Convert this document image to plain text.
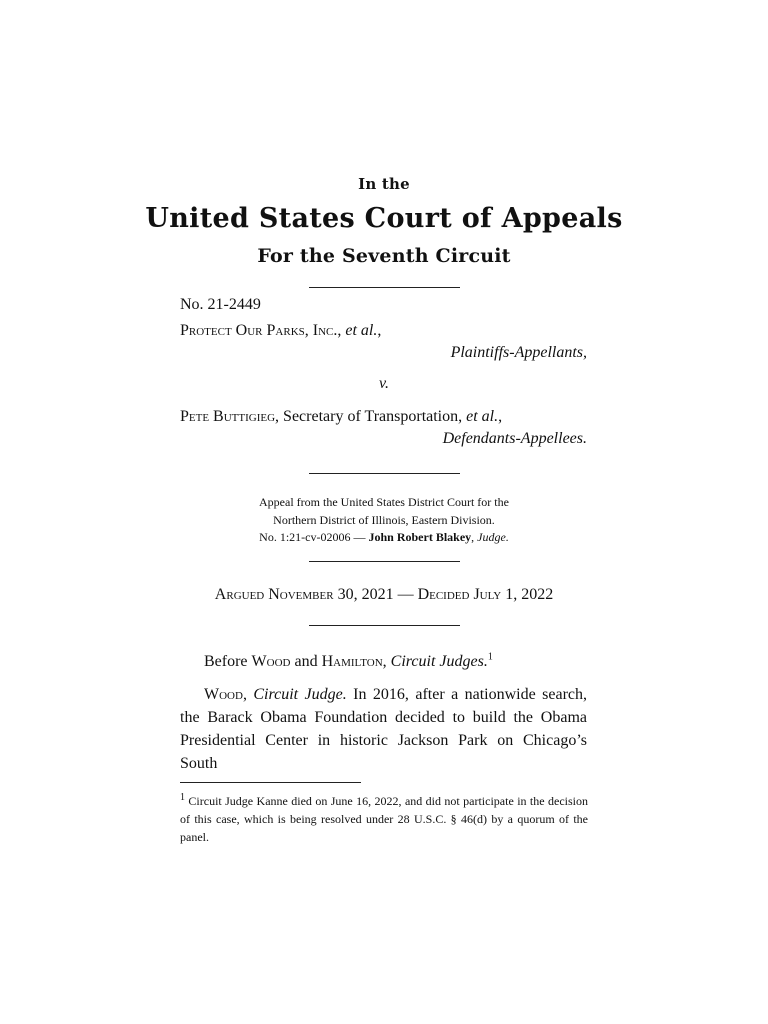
In the

United States Court of Appeals

For the Seventh Circuit

No. 21-2449

Protect Our Parks, Inc., et al.,

Plaintiffs-Appellants,

v.

Pete Buttigieg, Secretary of Transportation, et al.,

Defendants-Appellees.

Appeal from the United States District Court for the

Northern District of Illinois, Eastern Division.

No. 1:21-cv-02006 — John Robert Blakey, Judge.

Argued November 30, 2021 — Decided July 1, 2022

Before Wood and Hamilton, Circuit Judges.$^1$

Wood, Circuit Judge. In 2016, after a nationwide search, the Barack Obama Foundation decided to build the Obama Presidential Center in historic Jackson Park on Chicago’s South

$^1$ Circuit Judge Kanne died on June 16, 2022, and did not participate in the decision of this case, which is being resolved under 28 U.S.C. § 46(d) by a quorum of the panel.
